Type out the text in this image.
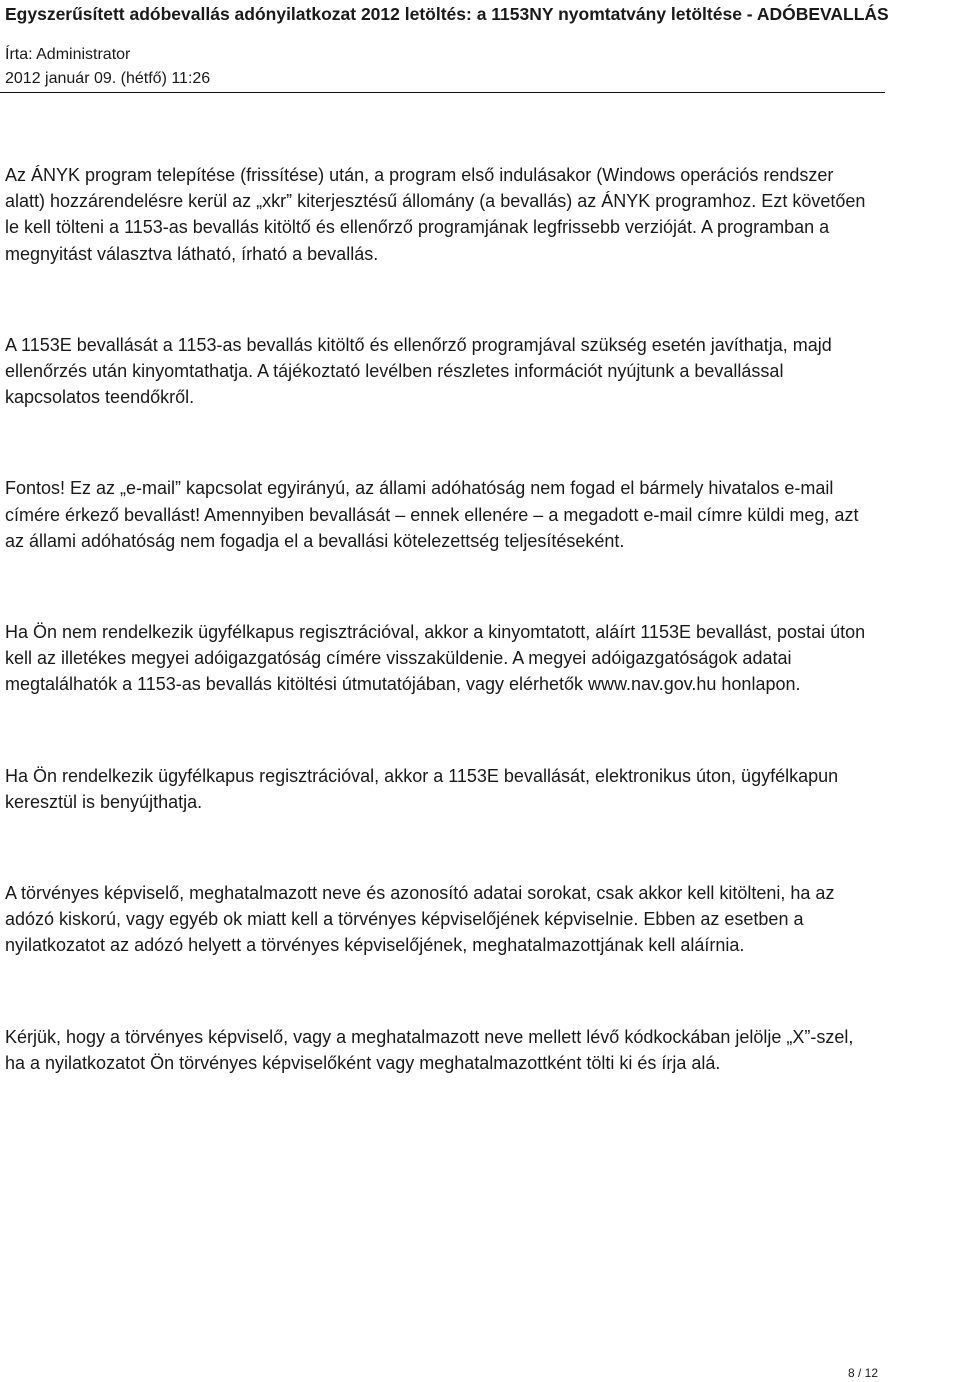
Egyszerűsített adóbevallás adónyilatkozat 2012 letöltés: a 1153NY nyomtatvány letöltése - ADÓBEVALLÁS
Írta: Administrator
2012 január 09. (hétfő) 11:26

Az ÁNYK program telepítése (frissítése) után, a program első indulásakor (Windows operációs rendszer alatt) hozzárendelésre kerül az „xkr” kiterjesztésű állomány (a bevallás) az ÁNYK programhoz. Ezt követően le kell tölteni a 1153-as bevallás kitöltő és ellenőrző programjának legfrissebb verzióját. A programban a megnyitást választva látható, írható a bevallás.

A 1153E bevallását a 1153-as bevallás kitöltő és ellenőrző programjával szükség esetén javíthatja, majd ellenőrzés után kinyomtathatja. A tájékoztató levélben részletes információt nyújtunk a bevallással kapcsolatos teendőkről.

Fontos! Ez az „e-mail” kapcsolat egyirányú, az állami adóhatóság nem fogad el bármely hivatalos e-mail címére érkező bevallást! Amennyiben bevallását – ennek ellenére – a megadott e-mail címre küldi meg, azt az állami adóhatóság nem fogadja el a bevallási kötelezettség teljesítéseként.

Ha Ön nem rendelkezik ügyfélkapus regisztrációval, akkor a kinyomtatott, aláírt 1153E bevallást, postai úton kell az illetékes megyei adóigazgatóság címére visszaküldenie. A megyei adóigazgatóságok adatai megtalálhatók a 1153-as bevallás kitöltési útmutatójában, vagy elérhetők www.nav.gov.hu honlapon.

Ha Ön rendelkezik ügyfélkapus regisztrációval, akkor a 1153E bevallását, elektronikus úton, ügyfélkapun keresztül is benyújthatja.

A törvényes képviselő, meghatalmazott neve és azonosító adatai sorokat, csak akkor kell kitölteni, ha az adózó kiskorú, vagy egyéb ok miatt kell a törvényes képviselőjének képviselnie. Ebben az esetben a nyilatkozatot az adózó helyett a törvényes képviselőjének, meghatalmazottjának kell aláírnia.

Kérjük, hogy a törvényes képviselő, vagy a meghatalmazott neve mellett lévő kódkockában jelölje „X”-szel, ha a nyilatkozatot Ön törvényes képviselőként vagy meghatalmazottként tölti ki és írja alá.

8 / 12
